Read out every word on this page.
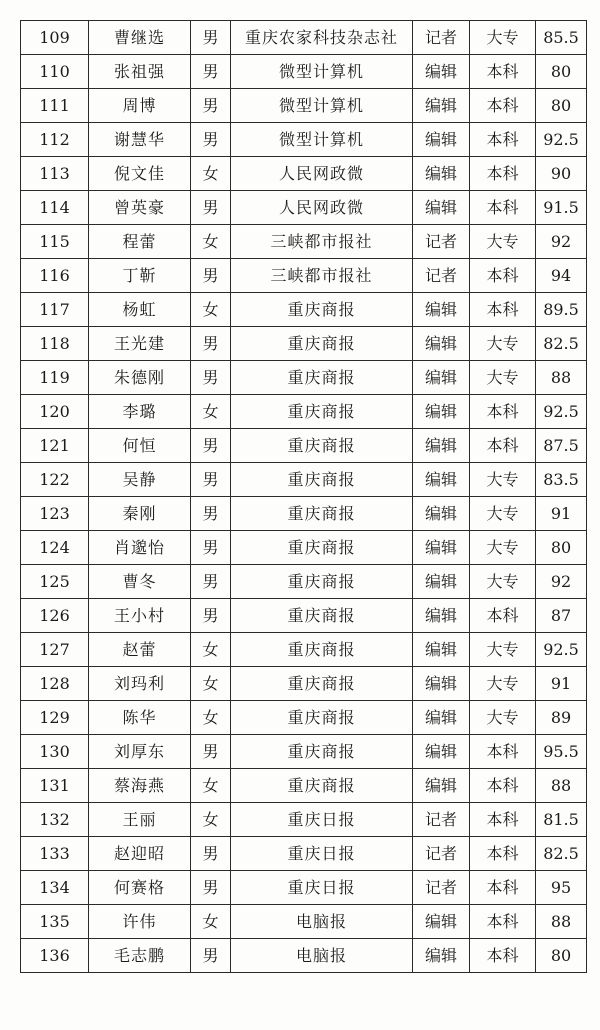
109	曹继选	男	重庆农家科技杂志社	记者	大专	85.5
110	张祖强	男	微型计算机	编辑	本科	80
111	周博	男	微型计算机	编辑	本科	80
112	谢慧华	男	微型计算机	编辑	本科	92.5
113	倪文佳	女	人民网政微	编辑	本科	90
114	曾英豪	男	人民网政微	编辑	本科	91.5
115	程蕾	女	三峡都市报社	记者	大专	92
116	丁靳	男	三峡都市报社	记者	本科	94
117	杨虹	女	重庆商报	编辑	本科	89.5
118	王光建	男	重庆商报	编辑	大专	82.5
119	朱德刚	男	重庆商报	编辑	大专	88
120	李璐	女	重庆商报	编辑	本科	92.5
121	何恒	男	重庆商报	编辑	本科	87.5
122	吴静	男	重庆商报	编辑	大专	83.5
123	秦刚	男	重庆商报	编辑	大专	91
124	肖邈怡	男	重庆商报	编辑	大专	80
125	曹冬	男	重庆商报	编辑	大专	92
126	王小村	男	重庆商报	编辑	本科	87
127	赵蕾	女	重庆商报	编辑	大专	92.5
128	刘玛利	女	重庆商报	编辑	大专	91
129	陈华	女	重庆商报	编辑	大专	89
130	刘厚东	男	重庆商报	编辑	本科	95.5
131	蔡海燕	女	重庆商报	编辑	本科	88
132	王丽	女	重庆日报	记者	本科	81.5
133	赵迎昭	男	重庆日报	记者	本科	82.5
134	何赛格	男	重庆日报	记者	本科	95
135	许伟	女	电脑报	编辑	本科	88
136	毛志鹏	男	电脑报	编辑	本科	80
